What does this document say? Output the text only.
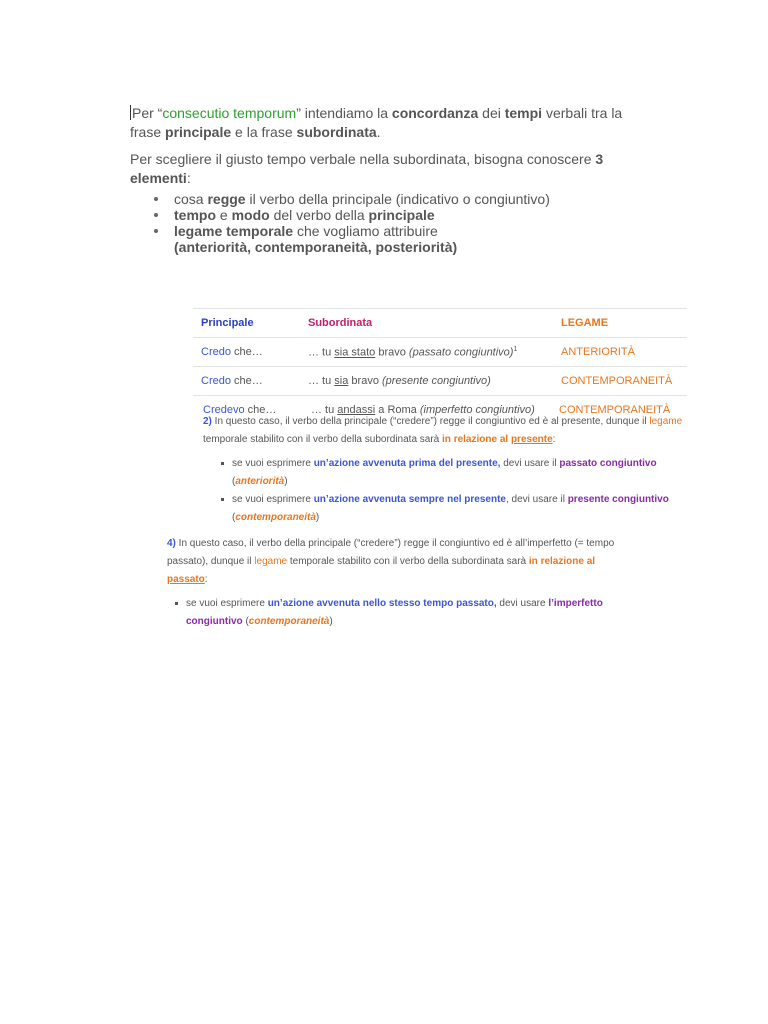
Per “consecutio temporum” intendiamo la concordanza dei tempi verbali tra la frase principale e la frase subordinata.

Per scegliere il giusto tempo verbale nella subordinata, bisogna conoscere 3 elementi:

cosa regge il verbo della principale (indicativo o congiuntivo)
tempo e modo del verbo della principale
legame temporale che vogliamo attribuire
(anteriorità, contemporaneità, posteriorità)
Principale	Subordinata	LEGAME
Credo che…	… tu sia stato bravo (passato congiuntivo)$^1$	ANTERIORITÀ
Credo che…	… tu sia bravo (presente congiuntivo)	CONTEMPORANEITÀ
Credevo che…	… tu andassi a Roma (imperfetto congiuntivo) CONTEMPORANEITÀ

2) In questo caso, il verbo della principale (“credere”) regge il congiuntivo ed è al presente, dunque il legame temporale stabilito con il verbo della subordinata sarà in relazione al presente:

se vuoi esprimere un’azione avvenuta prima del presente, devi usare il passato congiuntivo (anteriorità)
se vuoi esprimere un’azione avvenuta sempre nel presente, devi usare il presente congiuntivo (contemporaneità)

4) In questo caso, il verbo della principale (“credere”) regge il congiuntivo ed è all’imperfetto (= tempo passato), dunque il legame temporale stabilito con il verbo della subordinata sarà in relazione al passato:

se vuoi esprimere un’azione avvenuta nello stesso tempo passato, devi usare l’imperfetto congiuntivo (contemporaneità)
